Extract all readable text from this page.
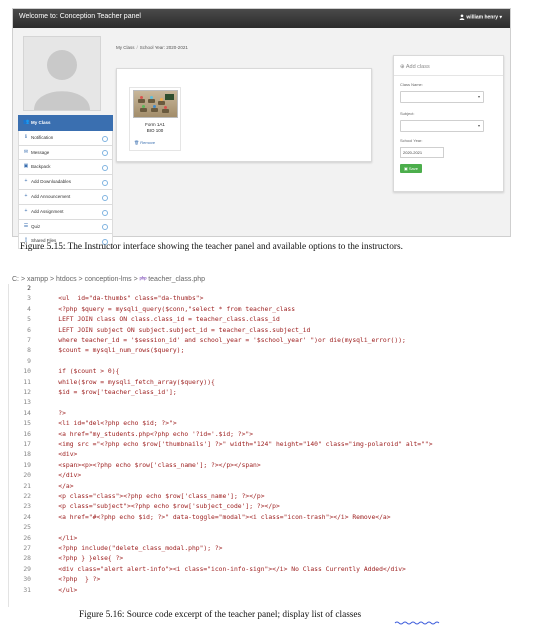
Welcome to: Conception Teacher panel	william henry ▾
👥 My Class
ℹ Notification
✉ Message
▣ Backpack
+ Add Downloadables
+ Add Announcement
+ Add Assignment
☰ Quiz
▯ Shared Files
My Class / School Year: 2020-2021
Form 1A1
BIO 100
🗑 Remove
⊕ Add class
Class Name:
▾
Subject:
▾
School Year:
2020-2021
▣ Save
Figure 5.15: The Instructor interface showing the teacher panel and available options to the instructors.
C: > xampp > htdocs > conception-lms > ᵖʰᵖ teacher_class.php
2
3    <ul  id="da-thumbs" class="da-thumbs">
4    <?php $query = mysqli_query($conn,"select * from teacher_class
5    LEFT JOIN class ON class.class_id = teacher_class.class_id
6    LEFT JOIN subject ON subject.subject_id = teacher_class.subject_id
7    where teacher_id = '$session_id' and school_year = '$school_year' ")or die(mysqli_error());
8    $count = mysqli_num_rows($query);
9
10    if ($count > 0){
11    while($row = mysqli_fetch_array($query)){
12    $id = $row['teacher_class_id'];
13
14    ?>
15    <li id="del<?php echo $id; ?>">
16    <a href="my_students.php<?php echo '?id='.$id; ?>">
17    <img src ="<?php echo $row['thumbnails'] ?>" width="124" height="140" class="img-polaroid" alt="">
18    <div>
19    <span><p><?php echo $row['class_name']; ?></p></span>
20    </div>
21    </a>
22    <p class="class"><?php echo $row['class_name']; ?></p>
23    <p class="subject"><?php echo $row['subject_code']; ?></p>
24    <a href="#<?php echo $id; ?>" data-toggle="modal"><i class="icon-trash"></i> Remove</a>
25
26    </li>
27    <?php include("delete_class_modal.php"); ?>
28    <?php } }else{ ?>
29    <div class="alert alert-info"><i class="icon-info-sign"></i> No Class Currently Added</div>
30    <?php  } ?>
31    </ul>
Figure 5.16: Source code excerpt of the teacher panel; display list of classes
